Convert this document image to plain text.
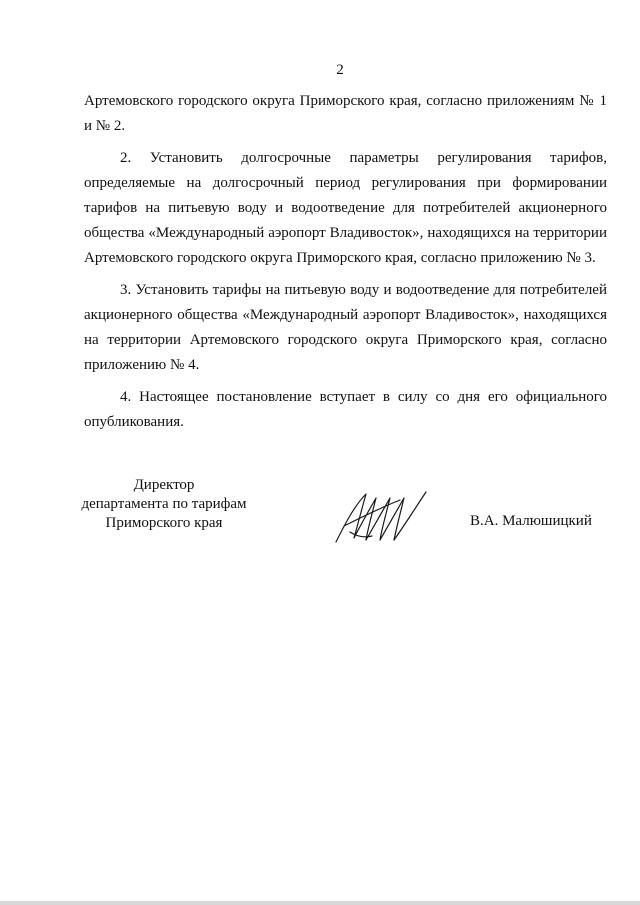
2

Артемовского городского округа Приморского края, согласно приложениям № 1 и № 2.

2. Установить долгосрочные параметры регулирования тарифов, определяемые на долгосрочный период регулирования при формировании тарифов на питьевую воду и водоотведение для потребителей акционерного общества «Международный аэропорт Владивосток», находящихся на территории Артемовского городского округа Приморского края, согласно приложению № 3.

3. Установить тарифы на питьевую воду и водоотведение для потребителей акционерного общества «Международный аэропорт Владивосток», находящихся на территории Артемовского городского округа Приморского края, согласно приложению № 4.

4. Настоящее постановление вступает в силу со дня его официального опубликования.

Директор
департамента по тарифам
Приморского края	В.А. Малюшицкий
